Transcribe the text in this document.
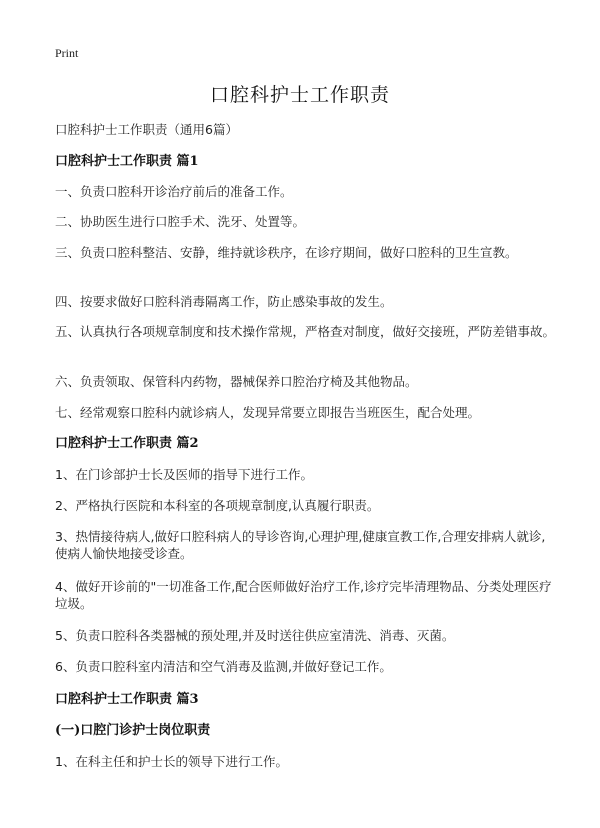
Print
口腔科护士工作职责
口腔科护士工作职责（通用6篇）
口腔科护士工作职责 篇1
一、负责口腔科开诊治疗前后的准备工作。
二、协助医生进行口腔手术、洗牙、处置等。
三、负责口腔科整洁、安静，维持就诊秩序，在诊疗期间，做好口腔科的卫生宣教。
四、按要求做好口腔科消毒隔离工作，防止感染事故的发生。
五、认真执行各项规章制度和技术操作常规，严格查对制度，做好交接班，严防差错事故。
六、负责领取、保管科内药物，器械保养口腔治疗椅及其他物品。
七、经常观察口腔科内就诊病人，发现异常要立即报告当班医生，配合处理。
口腔科护士工作职责 篇2
1、在门诊部护士长及医师的指导下进行工作。
2、严格执行医院和本科室的各项规章制度,认真履行职责。
3、热情接待病人,做好口腔科病人的导诊咨询,心理护理,健康宣教工作,合理安排病人就诊,使病人愉快地接受诊查。
4、做好开诊前的"一切准备工作,配合医师做好治疗工作,诊疗完毕清理物品、分类处理医疗垃圾。
5、负责口腔科各类器械的预处理,并及时送往供应室清洗、消毒、灭菌。
6、负责口腔科室内清洁和空气消毒及监测,并做好登记工作。
口腔科护士工作职责 篇3
(一)口腔门诊护士岗位职责
1、在科主任和护士长的领导下进行工作。
